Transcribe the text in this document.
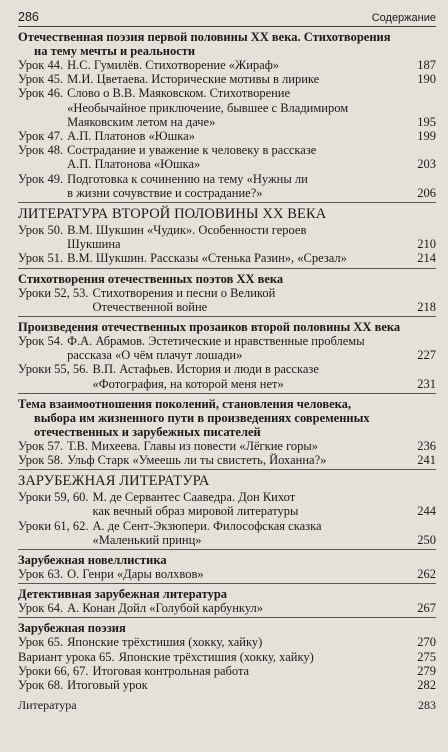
286	Содержание
Отечественная поэзия первой половины XX века. Стихотворения
на тему мечты и реальности
Урок 44. Н.С. Гумилёв. Стихотворение «Жираф»	187
Урок 45. М.И. Цветаева. Исторические мотивы в лирике	190
Урок 46. Слово о В.В. Маяковском. Стихотворение
«Необычайное приключение, бывшее с Владимиром
Маяковским летом на даче»	195
Урок 47. А.П. Платонов «Юшка»	199
Урок 48. Сострадание и уважение к человеку в рассказе
А.П. Платонова «Юшка»	203
Урок 49. Подготовка к сочинению на тему «Нужны ли
в жизни сочувствие и сострадание?»	206
ЛИТЕРАТУРА ВТОРОЙ ПОЛОВИНЫ XX ВЕКА
Урок 50. В.М. Шукшин «Чудик». Особенности героев
Шукшина	210
Урок 51. В.М. Шукшин. Рассказы «Стенька Разин», «Срезал»	214
Стихотворения отечественных поэтов XX века
Уроки 52, 53. Стихотворения и песни о Великой
Отечественной войне	218
Произведения отечественных прозаиков второй половины XX века
Урок 54. Ф.А. Абрамов. Эстетические и нравственные проблемы
рассказа «О чём плачут лошади»	227
Уроки 55, 56. В.П. Астафьев. История и люди в рассказе
«Фотография, на которой меня нет»	231
Тема взаимоотношения поколений, становления человека,
выбора им жизненного пути в произведениях современных
отечественных и зарубежных писателей
Урок 57. Т.В. Михеева. Главы из повести «Лёгкие горы»	236
Урок 58. Ульф Старк «Умеешь ли ты свистеть, Йоханна?»	241
ЗАРУБЕЖНАЯ ЛИТЕРАТУРА
Уроки 59, 60. М. де Сервантес Сааведра. Дон Кихот
как вечный образ мировой литературы	244
Уроки 61, 62. А. де Сент-Экзюпери. Философская сказка
«Маленький принц»	250
Зарубежная новеллистика
Урок 63. О. Генри «Дары волхвов»	262
Детективная зарубежная литература
Урок 64. А. Конан Дойл «Голубой карбункул»	267
Зарубежная поэзия
Урок 65. Японские трёхстишия (хокку, хайку)	270
Вариант урока 65. Японские трёхстишия (хокку, хайку)	275
Уроки 66, 67. Итоговая контрольная работа	279
Урок 68. Итоговый урок	282
Литература	283
